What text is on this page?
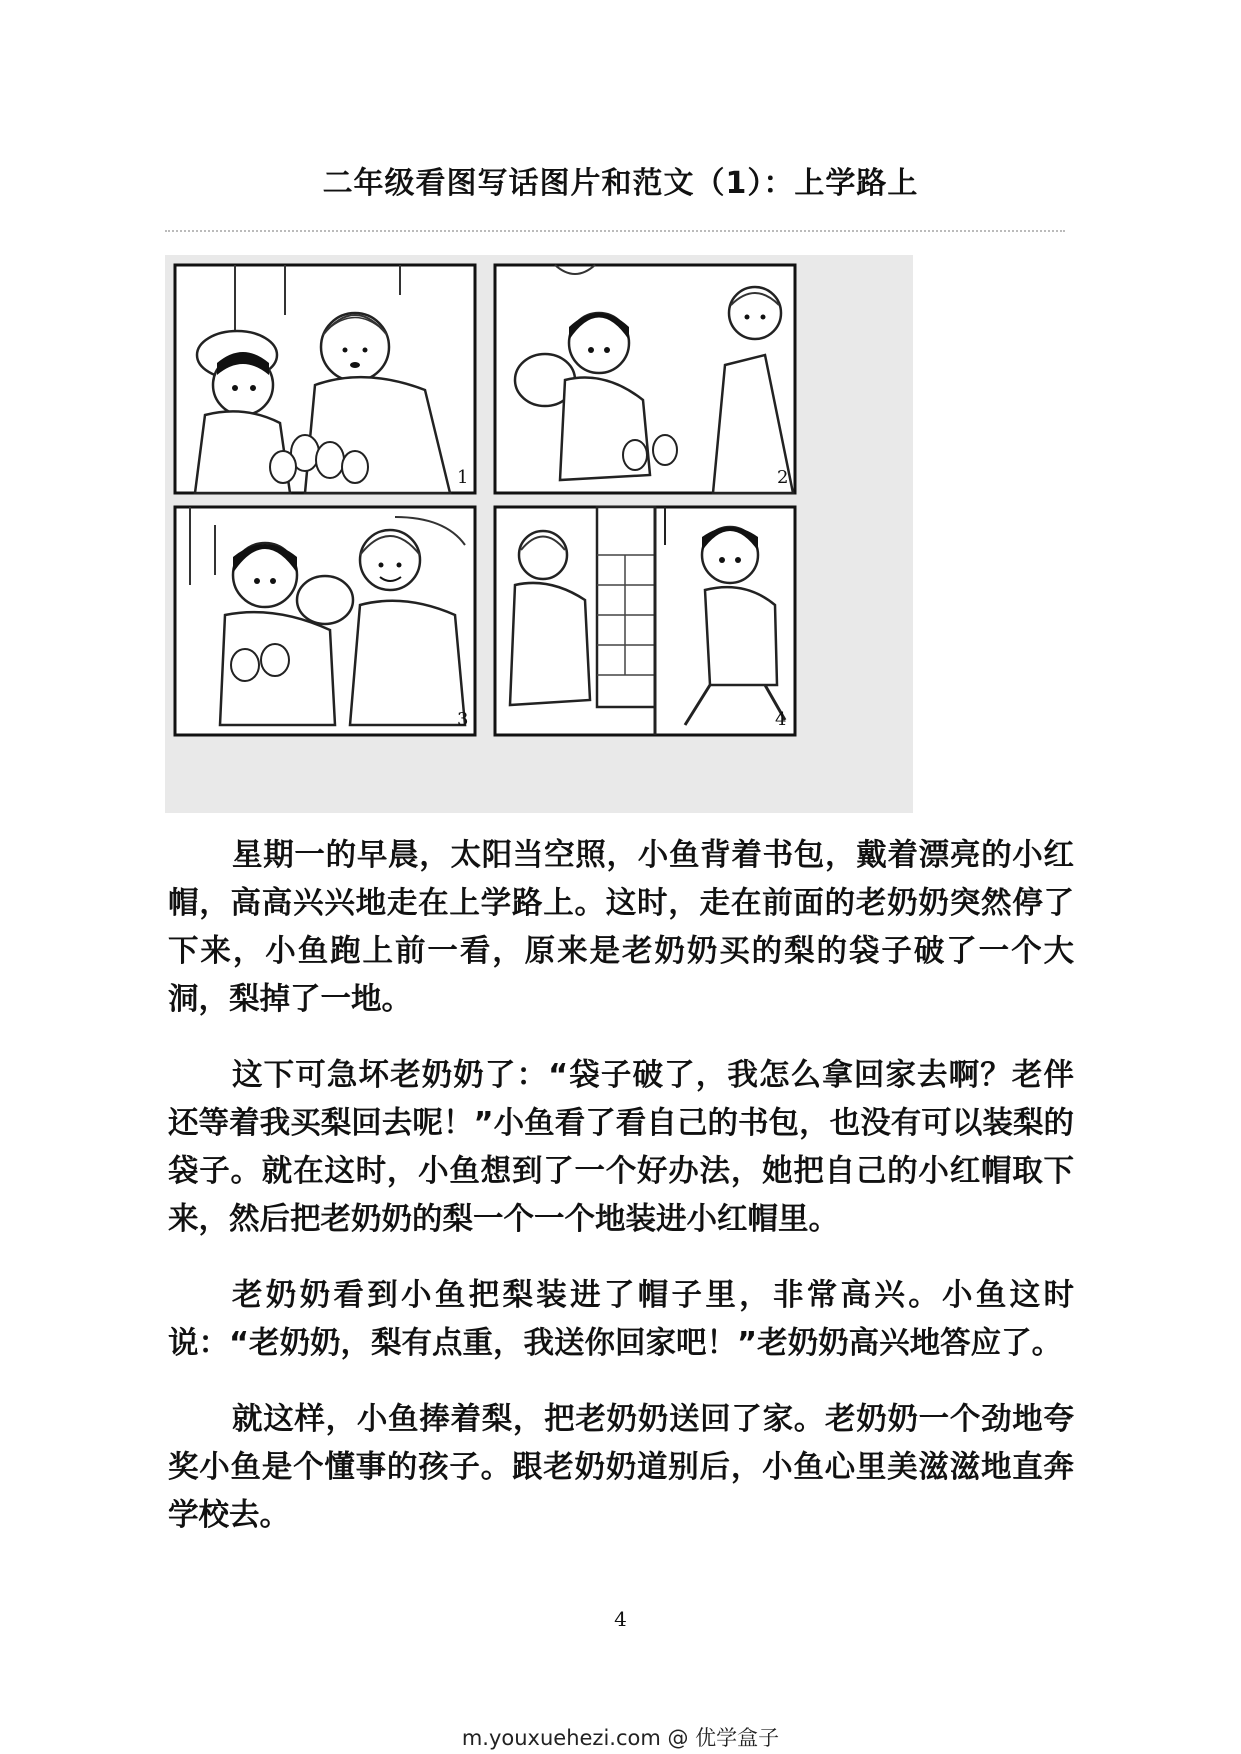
二年级看图写话图片和范文（1）：上学路上
1	2
3	4

星期一的早晨，太阳当空照，小鱼背着书包，戴着漂亮的小红帽，高高兴兴地走在上学路上。这时，走在前面的老奶奶突然停了下来，小鱼跑上前一看，原来是老奶奶买的梨的袋子破了一个大洞，梨掉了一地。

这下可急坏老奶奶了：“袋子破了，我怎么拿回家去啊？老伴还等着我买梨回去呢！”小鱼看了看自己的书包，也没有可以装梨的袋子。就在这时，小鱼想到了一个好办法，她把自己的小红帽取下来，然后把老奶奶的梨一个一个地装进小红帽里。

老奶奶看到小鱼把梨装进了帽子里，非常高兴。小鱼这时说：“老奶奶，梨有点重，我送你回家吧！”老奶奶高兴地答应了。

就这样，小鱼捧着梨，把老奶奶送回了家。老奶奶一个劲地夸奖小鱼是个懂事的孩子。跟老奶奶道别后，小鱼心里美滋滋地直奔学校去。

4
m.youxuehezi.com @ 优学盒子
